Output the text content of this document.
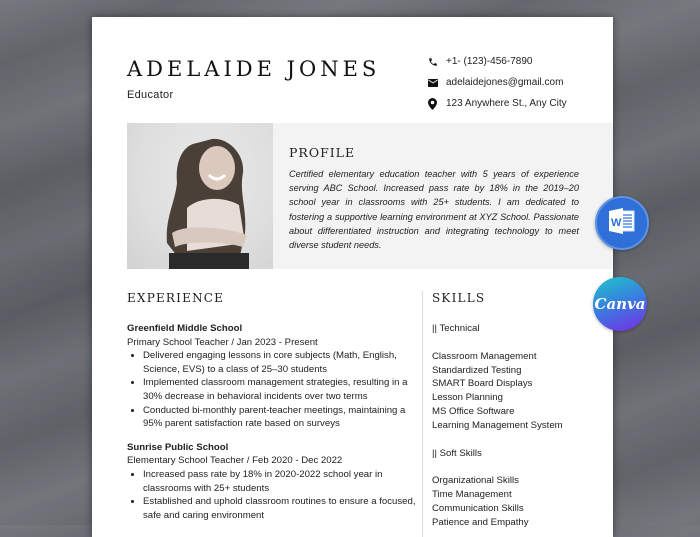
ADELAIDE JONES
Educator
+1- (123)-456-7890
adelaidejones@gmail.com
123 Anywhere St., Any City
PROFILE
Certified elementary education teacher with 5 years of experience serving ABC School. Increased pass rate by 18% in the 2019–20 school year in classrooms with 25+ students. I am dedicated to fostering a supportive learning environment at XYZ School. Passionate about differentiated instruction and integrating technology to meet diverse student needs.
EXPERIENCE	SKILLS
Greenfield Middle School
Primary School Teacher / Jan 2023 - Present
• Delivered engaging lessons in core subjects (Math, English, Science, EVS) to a class of 25–30 students
• Implemented classroom management strategies, resulting in a 30% decrease in behavioral incidents over two terms
• Conducted bi-monthly parent-teacher meetings, maintaining a 95% parent satisfaction rate based on surveys
Sunrise Public School
Elementary School Teacher / Feb 2020 - Dec 2022
• Increased pass rate by 18% in 2020-2022 school year in classrooms with 25+ students
• Established and uphold classroom routines to ensure a focused, safe and caring environment
|| Technical
Classroom Management
Standardized Testing
SMART Board Displays
Lesson Planning
MS Office Software
Learning Management System
|| Soft Skills
Organizational Skills
Time Management
Communication Skills
Patience and Empathy
W
Canva
